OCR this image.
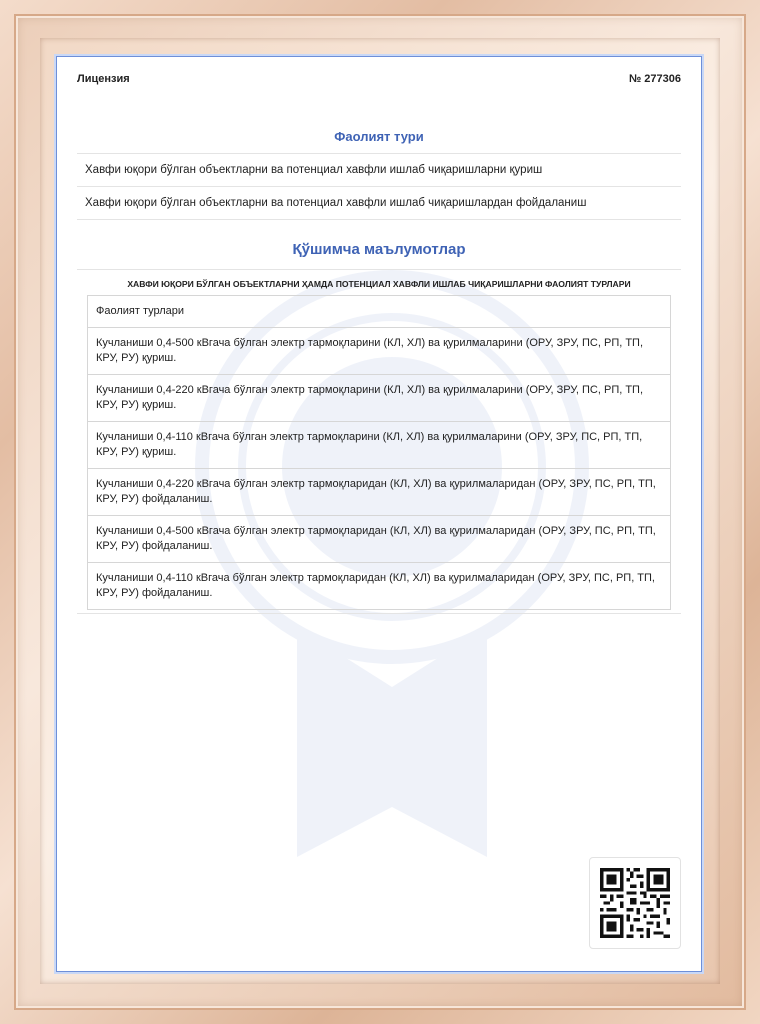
Лицензия	№ 277306
Фаолият тури
Хавфи юқори бўлган объектларни ва потенциал хавфли ишлаб чиқаришларни қуриш
Хавфи юқори бўлган объектларни ва потенциал хавфли ишлаб чиқаришлардан фойдаланиш
Қўшимча маълумотлар
ХАВФИ ЮҚОРИ БЎЛГАН ОБЪЕКТЛАРНИ ҲАМДА ПОТЕНЦИАЛ ХАВФЛИ ИШЛАБ ЧИҚАРИШЛАРНИ ФАОЛИЯТ ТУРЛАРИ
Фаолият турлари
Кучланиши 0,4-500 кВгача бўлган электр тармоқларини (КЛ, ХЛ) ва қурилмаларини (ОРУ, ЗРУ, ПС, РП, ТП, КРУ, РУ) қуриш.
Кучланиши 0,4-220 кВгача бўлган электр тармоқларини (КЛ, ХЛ) ва қурилмаларини (ОРУ, ЗРУ, ПС, РП, ТП, КРУ, РУ) қуриш.
Кучланиши 0,4-110 кВгача бўлган электр тармоқларини (КЛ, ХЛ) ва қурилмаларини (ОРУ, ЗРУ, ПС, РП, ТП, КРУ, РУ) қуриш.
Кучланиши 0,4-220 кВгача бўлган электр тармоқларидан (КЛ, ХЛ) ва қурилмаларидан (ОРУ, ЗРУ, ПС, РП, ТП, КРУ, РУ) фойдаланиш.
Кучланиши 0,4-500 кВгача бўлган электр тармоқларидан (КЛ, ХЛ) ва қурилмаларидан (ОРУ, ЗРУ, ПС, РП, ТП, КРУ, РУ) фойдаланиш.
Кучланиши 0,4-110 кВгача бўлган электр тармоқларидан (КЛ, ХЛ) ва қурилмаларидан (ОРУ, ЗРУ, ПС, РП, ТП, КРУ, РУ) фойдаланиш.
